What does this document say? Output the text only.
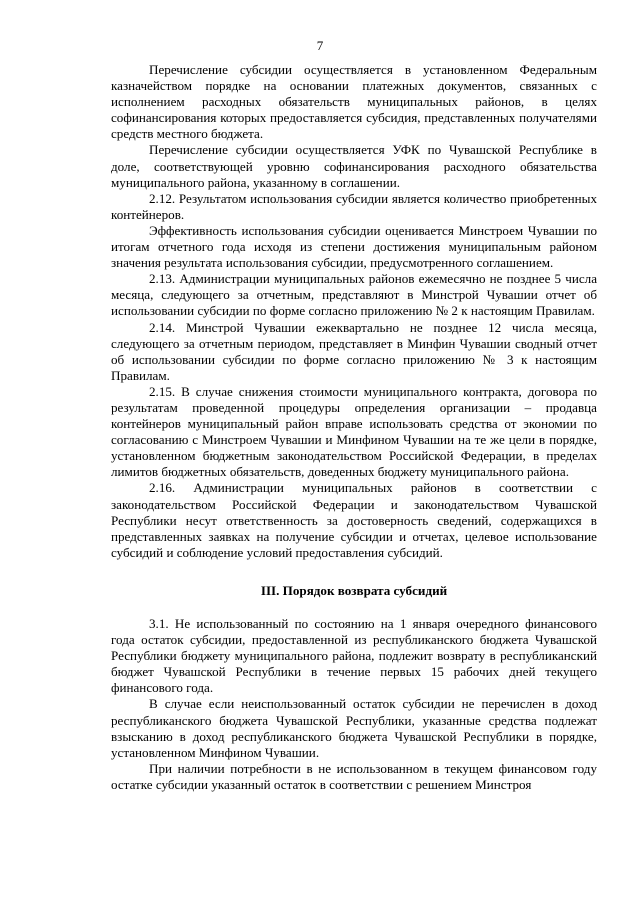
7

Перечисление субсидии осуществляется в установленном Федеральным казначейством порядке на основании платежных документов, связанных с исполнением расходных обязательств муниципальных районов, в целях софинансирования которых предоставляется субсидия, представленных получателями средств местного бюджета.

Перечисление субсидии осуществляется УФК по Чувашской Республике в доле, соответствующей уровню софинансирования расходного обязательства муниципального района, указанному в соглашении.

2.12. Результатом использования субсидии является количество приобретенных контейнеров.

Эффективность использования субсидии оценивается Минстроем Чувашии по итогам отчетного года исходя из степени достижения муниципальным районом значения результата использования субсидии, предусмотренного соглашением.

2.13. Администрации муниципальных районов ежемесячно не позднее 5 числа месяца, следующего за отчетным, представляют в Минстрой Чувашии отчет об использовании субсидии по форме согласно приложению № 2 к настоящим Правилам.

2.14. Минстрой Чувашии ежеквартально не позднее 12 числа месяца, следующего за отчетным периодом, представляет в Минфин Чувашии сводный отчет об использовании субсидии по форме согласно приложению № 3 к настоящим Правилам.

2.15. В случае снижения стоимости муниципального контракта, договора по результатам проведенной процедуры определения организации – продавца контейнеров муниципальный район вправе использовать средства от экономии по согласованию с Минстроем Чувашии и Минфином Чувашии на те же цели в порядке, установленном бюджетным законодательством Российской Федерации, в пределах лимитов бюджетных обязательств, доведенных бюджету муниципального района.

2.16. Администрации муниципальных районов в соответствии с законодательством Российской Федерации и законодательством Чувашской Республики несут ответственность за достоверность сведений, содержащихся в представленных заявках на получение субсидии и отчетах, целевое использование субсидий и соблюдение условий предоставления субсидий.

III. Порядок возврата субсидий

3.1. Не использованный по состоянию на 1 января очередного финансового года остаток субсидии, предоставленной из республиканского бюджета Чувашской Республики бюджету муниципального района, подлежит возврату в республиканский бюджет Чувашской Республики в течение первых 15 рабочих дней текущего финансового года.

В случае если неиспользованный остаток субсидии не перечислен в доход республиканского бюджета Чувашской Республики, указанные средства подлежат взысканию в доход республиканского бюджета Чувашской Республики в порядке, установленном Минфином Чувашии.

При наличии потребности в не использованном в текущем финансовом году остатке субсидии указанный остаток в соответствии с решением Минстроя
